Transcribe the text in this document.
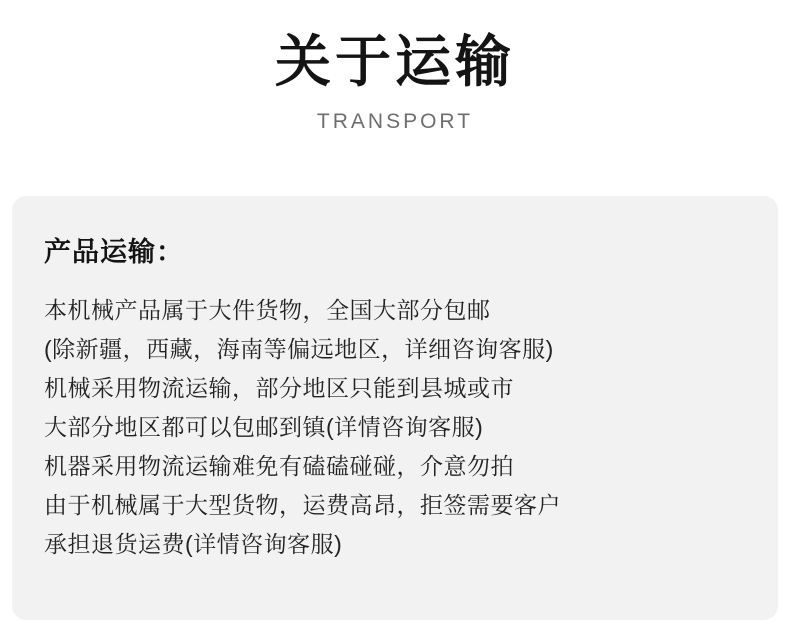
关于运输
TRANSPORT
产品运输：
本机械产品属于大件货物，全国大部分包邮
(除新疆，西藏，海南等偏远地区，详细咨询客服)
机械采用物流运输，部分地区只能到县城或市
大部分地区都可以包邮到镇(详情咨询客服)
机器采用物流运输难免有磕磕碰碰，介意勿拍
由于机械属于大型货物，运费高昂，拒签需要客户
承担退货运费(详情咨询客服)
